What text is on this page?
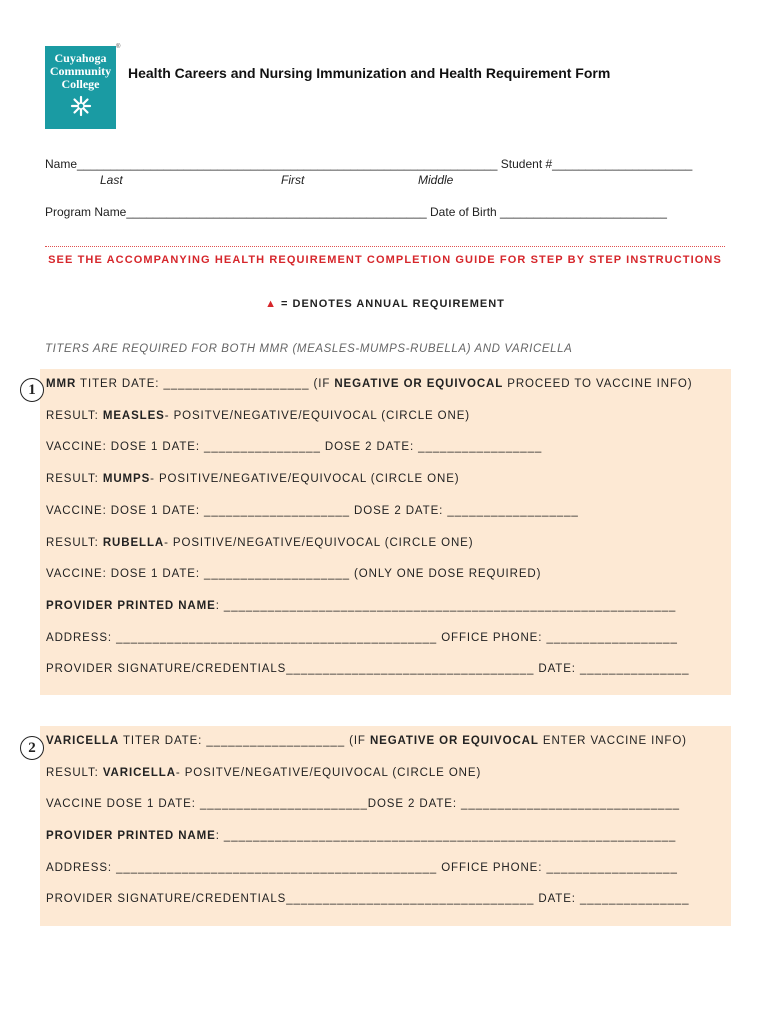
Cuyahoga
Community
College
®
Health Careers and Nursing Immunization and Health Requirement Form
Name_______________________________________________________________ Student #_____________________
Last	First	Middle
Program Name_____________________________________________ Date of Birth _________________________
SEE THE ACCOMPANYING HEALTH REQUIREMENT COMPLETION GUIDE FOR STEP BY STEP INSTRUCTIONS
▲ = DENOTES ANNUAL REQUIREMENT
TITERS ARE REQUIRED FOR BOTH MMR (MEASLES-MUMPS-RUBELLA) AND VARICELLA
MMR TITER DATE: ____________________ (IF NEGATIVE OR EQUIVOCAL PROCEED TO VACCINE INFO)
RESULT: MEASLES- POSITVE/NEGATIVE/EQUIVOCAL (CIRCLE ONE)
VACCINE: DOSE 1 DATE: ________________ DOSE 2 DATE: _________________
RESULT: MUMPS- POSITIVE/NEGATIVE/EQUIVOCAL (CIRCLE ONE)
VACCINE: DOSE 1 DATE: ____________________ DOSE 2 DATE: __________________
RESULT: RUBELLA- POSITIVE/NEGATIVE/EQUIVOCAL (CIRCLE ONE)
VACCINE: DOSE 1 DATE: ____________________ (ONLY ONE DOSE REQUIRED)
PROVIDER PRINTED NAME: ______________________________________________________________
ADDRESS: ____________________________________________ OFFICE PHONE: __________________
PROVIDER SIGNATURE/CREDENTIALS__________________________________ DATE: _______________
1
VARICELLA TITER DATE: ___________________ (IF NEGATIVE OR EQUIVOCAL ENTER VACCINE INFO)
RESULT: VARICELLA- POSITVE/NEGATIVE/EQUIVOCAL (CIRCLE ONE)
VACCINE DOSE 1 DATE: _______________________DOSE 2 DATE: ______________________________
PROVIDER PRINTED NAME: ______________________________________________________________
ADDRESS: ____________________________________________ OFFICE PHONE: __________________
PROVIDER SIGNATURE/CREDENTIALS__________________________________ DATE: _______________
2
